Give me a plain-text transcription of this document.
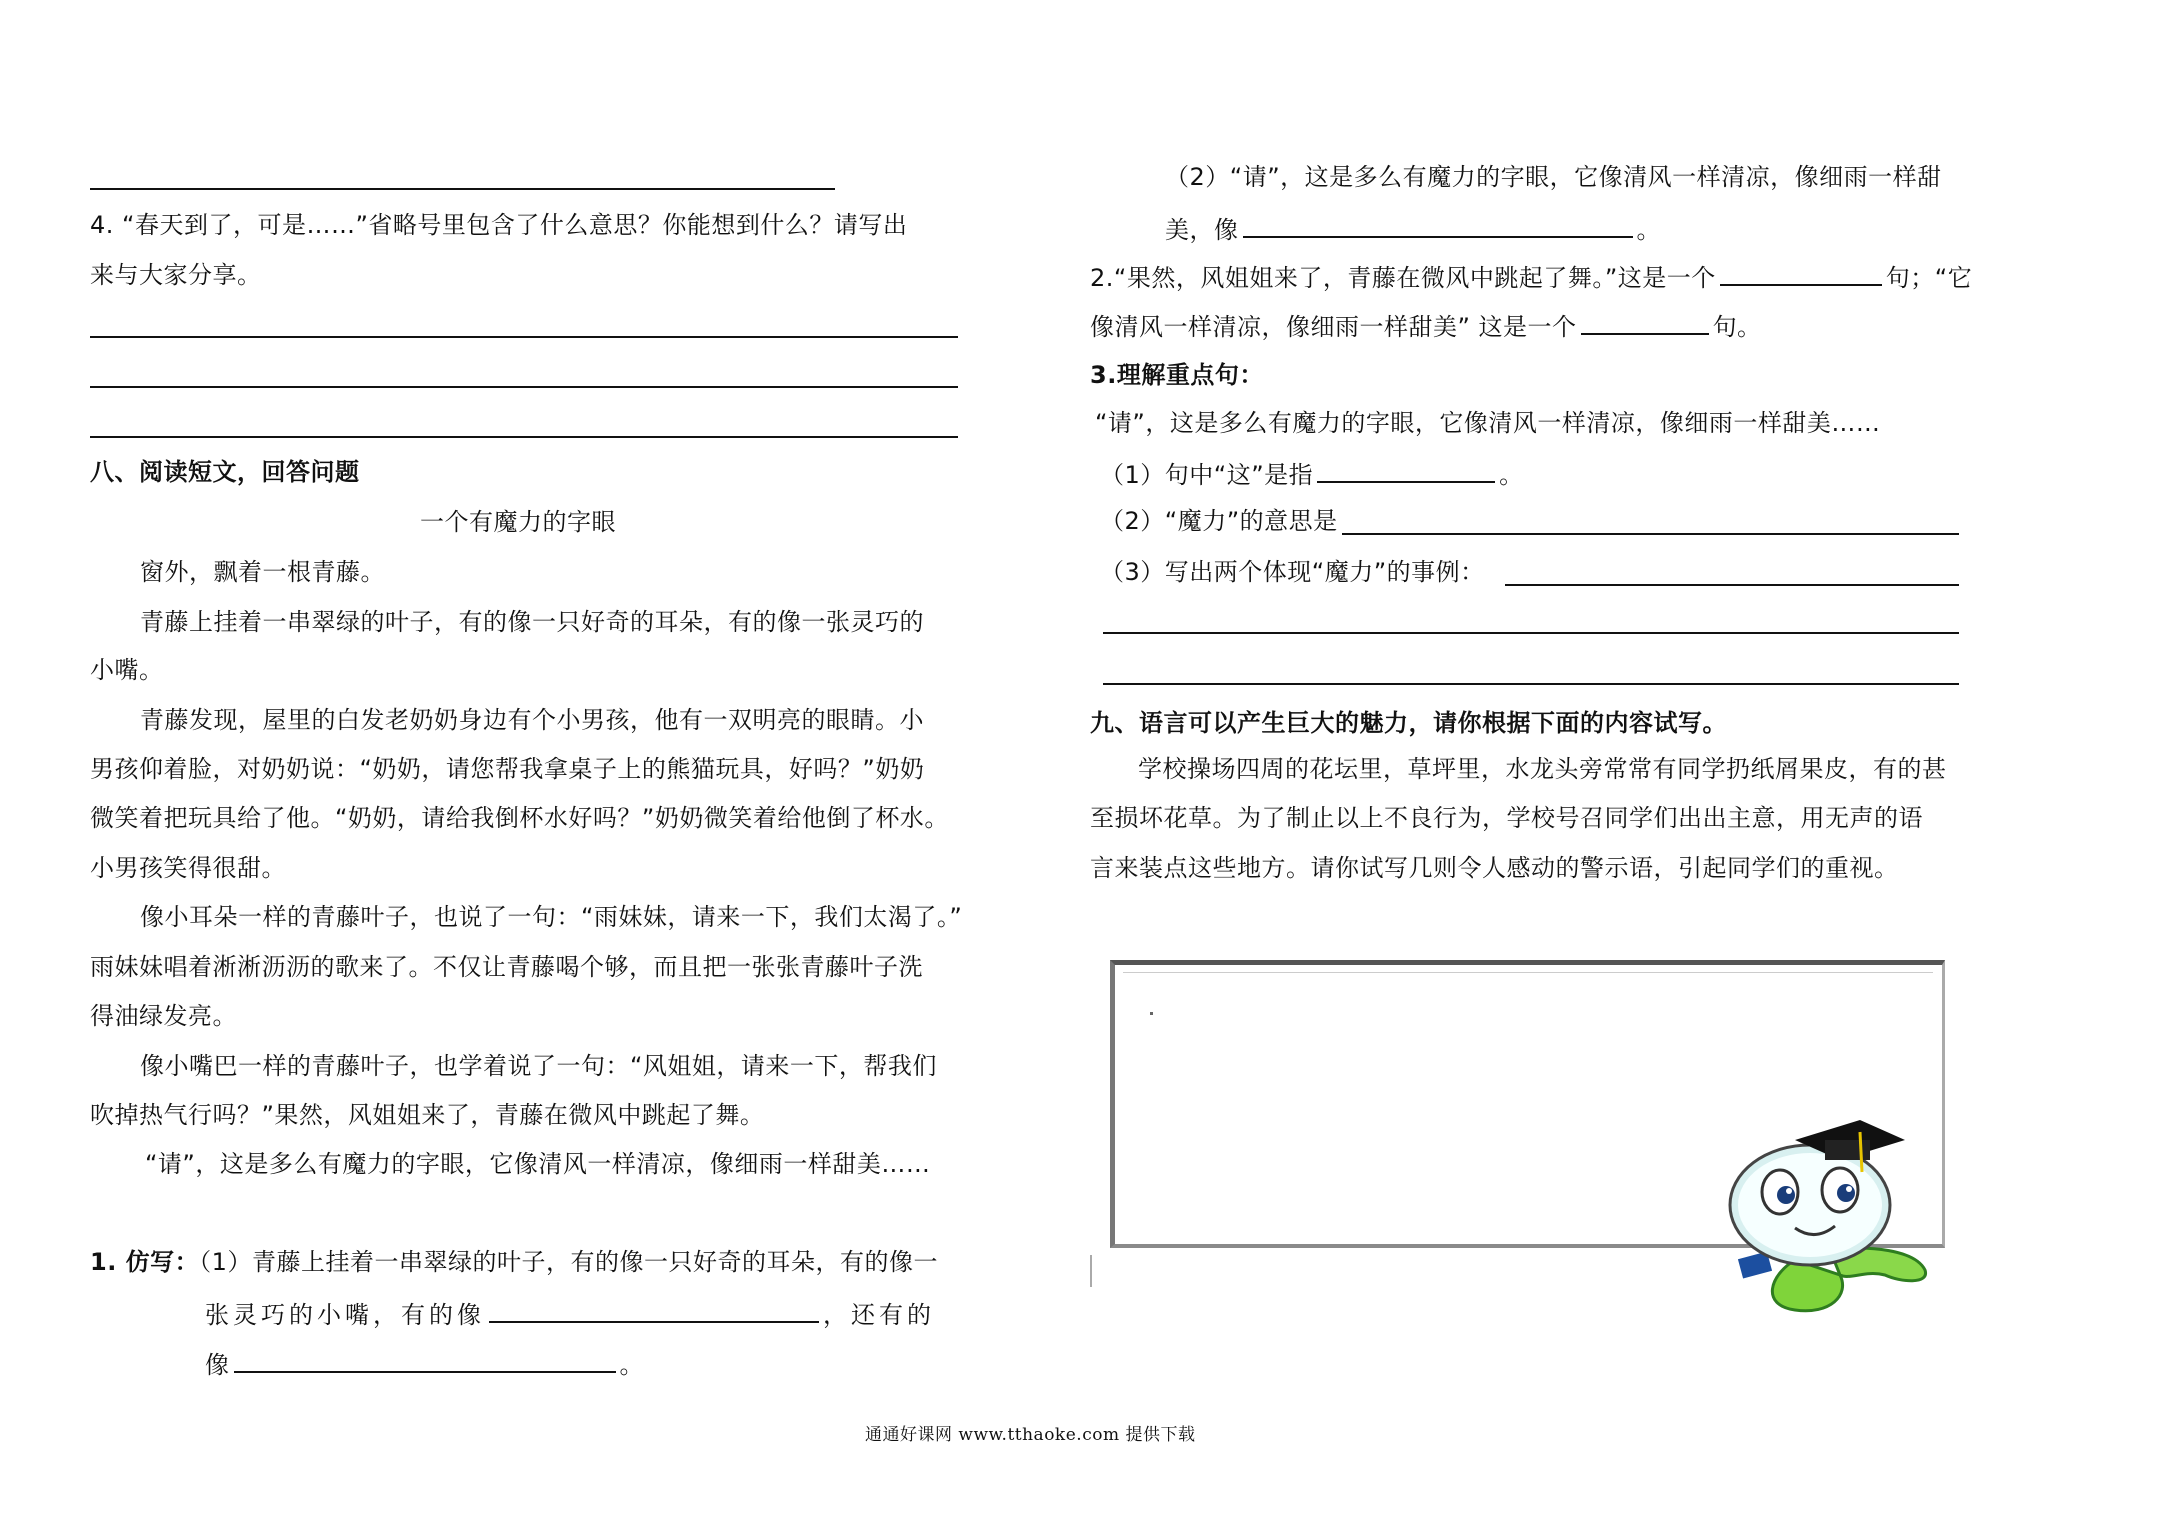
4. “春天到了，可是……”省略号里包含了什么意思？你能想到什么？请写出
来与大家分享。
八、阅读短文，回答问题
一个有魔力的字眼
窗外，飘着一根青藤。
青藤上挂着一串翠绿的叶子，有的像一只好奇的耳朵，有的像一张灵巧的
小嘴。
青藤发现，屋里的白发老奶奶身边有个小男孩，他有一双明亮的眼睛。小
男孩仰着脸，对奶奶说：“奶奶，请您帮我拿桌子上的熊猫玩具，好吗？”奶奶
微笑着把玩具给了他。“奶奶，请给我倒杯水好吗？”奶奶微笑着给他倒了杯水。
小男孩笑得很甜。
像小耳朵一样的青藤叶子，也说了一句：“雨妹妹，请来一下，我们太渴了。”
雨妹妹唱着淅淅沥沥的歌来了。不仅让青藤喝个够，而且把一张张青藤叶子洗
得油绿发亮。
像小嘴巴一样的青藤叶子，也学着说了一句：“风姐姐，请来一下，帮我们
吹掉热气行吗？”果然，风姐姐来了，青藤在微风中跳起了舞。
“请”，这是多么有魔力的字眼，它像清风一样清凉，像细雨一样甜美……
1. 仿写：（1）青藤上挂着一串翠绿的叶子，有的像一只好奇的耳朵，有的像一
张灵巧的小嘴，有的像	，还有的
像	。
（2）“请”，这是多么有魔力的字眼，它像清风一样清凉，像细雨一样甜
美，像	。
2.“果然，风姐姐来了，青藤在微风中跳起了舞。”这是一个	句；“它
像清风一样清凉，像细雨一样甜美” 这是一个	句。
3.理解重点句：
“请”，这是多么有魔力的字眼，它像清风一样清凉，像细雨一样甜美……
（1）句中“这”是指	。
（2）“魔力”的意思是
（3）写出两个体现“魔力”的事例：
九、语言可以产生巨大的魅力，请你根据下面的内容试写。
学校操场四周的花坛里，草坪里，水龙头旁常常有同学扔纸屑果皮，有的甚
至损坏花草。为了制止以上不良行为，学校号召同学们出出主意，用无声的语
言来装点这些地方。请你试写几则令人感动的警示语，引起同学们的重视。
通通好课网 www.tthaoke.com 提供下载
